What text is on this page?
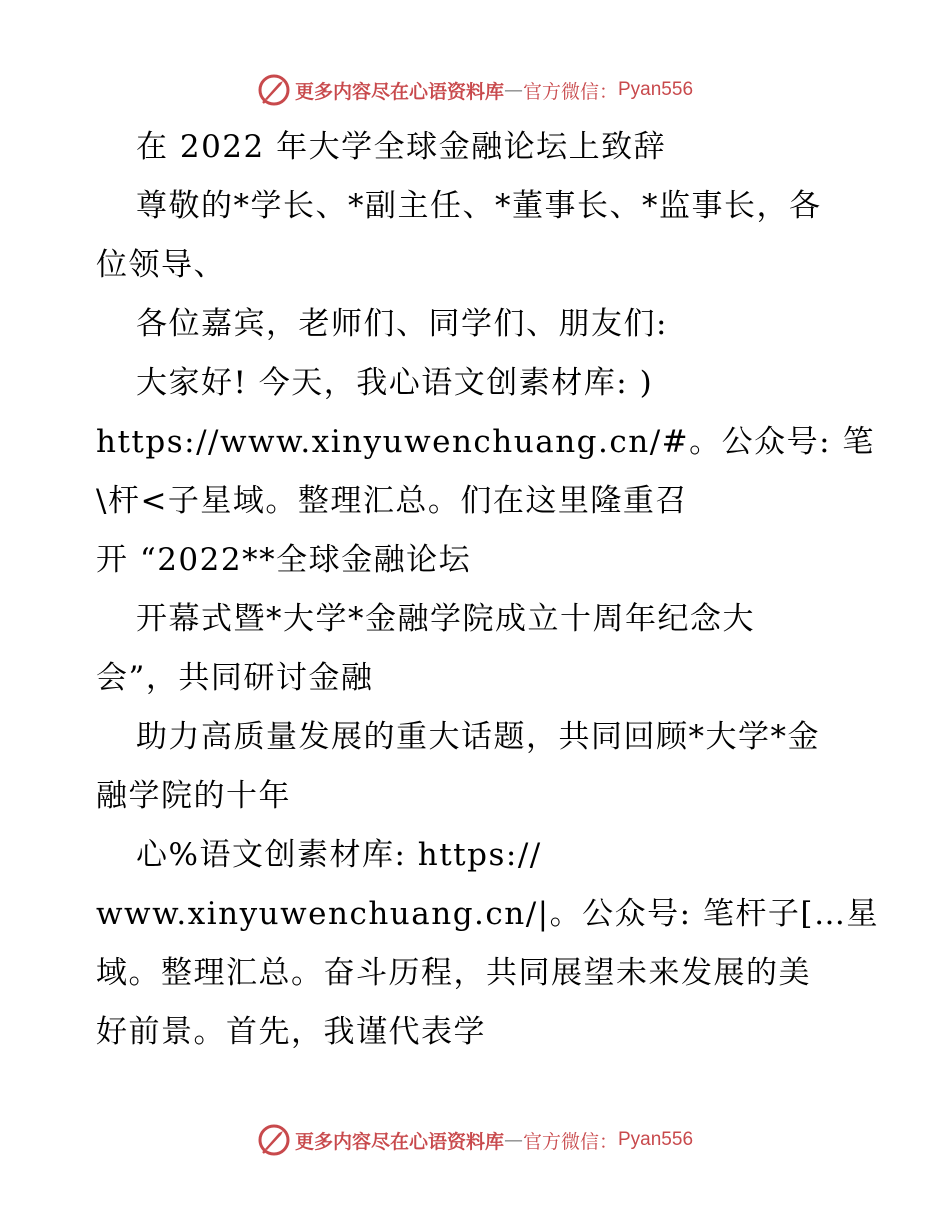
更多内容尽在心语资料库 — 官方微信： Pyan556
在 2022 年大学全球金融论坛上致辞
尊敬的*学长、*副主任、*董事长、*监事长，各
位领导、
各位嘉宾，老师们、同学们、朋友们:
大家好! 今天，我心语文创素材库: )
https://www.xinyuwenchuang.cn/#。公众号: 笔
\杆<子星域。整理汇总。们在这里隆重召
开 “2022**全球金融论坛
开幕式暨*大学*金融学院成立十周年纪念大
会”，共同研讨金融
助力高质量发展的重大话题，共同回顾*大学*金
融学院的十年
心%语文创素材库: https://
www.xinyuwenchuang.cn/|。公众号: 笔杆子[…星
域。整理汇总。奋斗历程，共同展望未来发展的美
好前景。首先，我谨代表学
更多内容尽在心语资料库 — 官方微信： Pyan556
